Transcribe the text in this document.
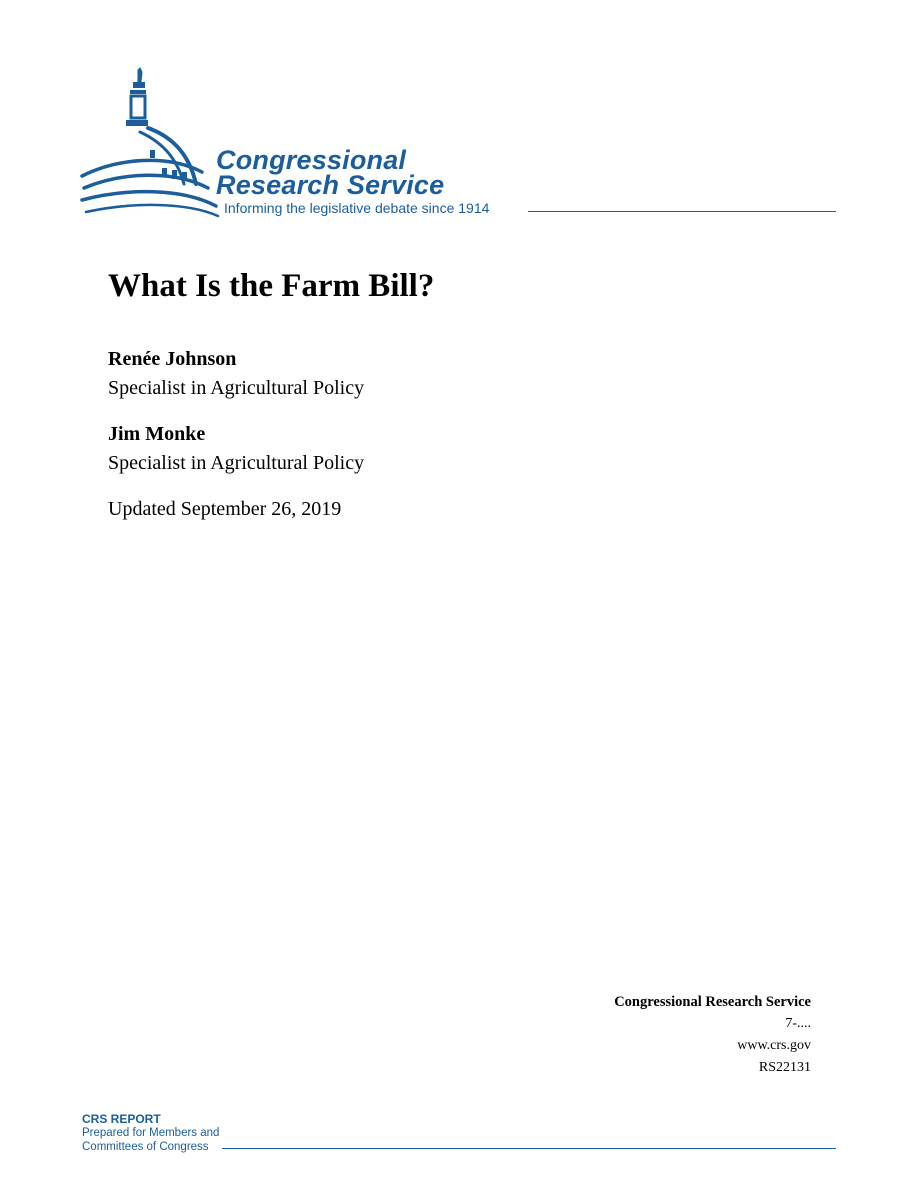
Congressional
Research Service
Informing the legislative debate since 1914
What Is the Farm Bill?
Renée Johnson
Specialist in Agricultural Policy
Jim Monke
Specialist in Agricultural Policy
Updated September 26, 2019
Congressional Research Service
7-....
www.crs.gov
RS22131
CRS REPORT
Prepared for Members and
Committees of Congress
